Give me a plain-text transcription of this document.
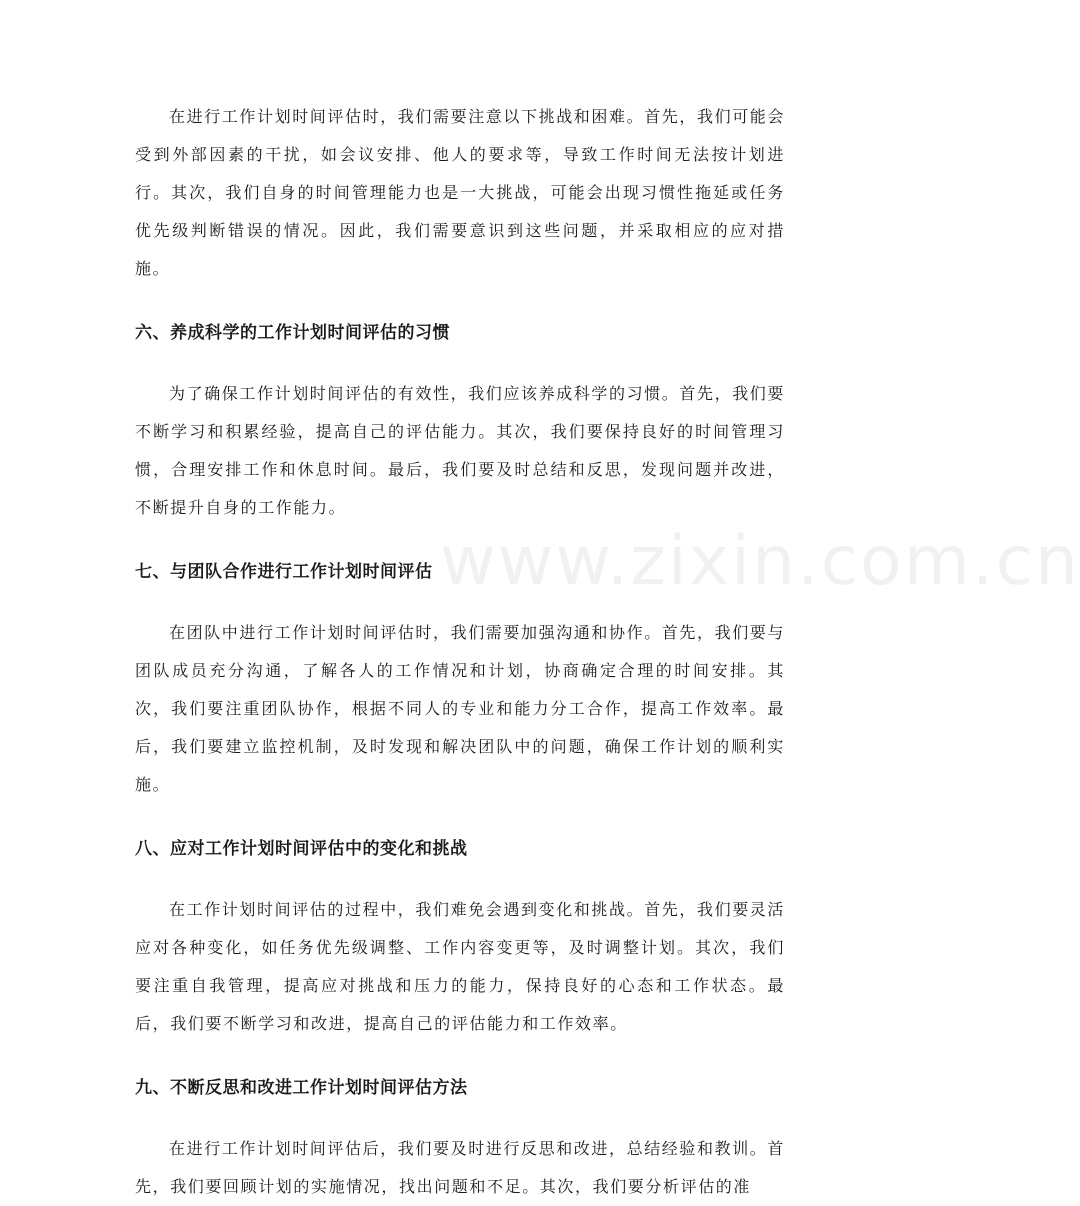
www.zixin.com.cn

在进行工作计划时间评估时，我们需要注意以下挑战和困难。首先，我们可能会受到外部因素的干扰，如会议安排、他人的要求等，导致工作时间无法按计划进行。其次，我们自身的时间管理能力也是一大挑战，可能会出现习惯性拖延或任务优先级判断错误的情况。因此，我们需要意识到这些问题，并采取相应的应对措施。

六、养成科学的工作计划时间评估的习惯

为了确保工作计划时间评估的有效性，我们应该养成科学的习惯。首先，我们要不断学习和积累经验，提高自己的评估能力。其次，我们要保持良好的时间管理习惯，合理安排工作和休息时间。最后，我们要及时总结和反思，发现问题并改进，不断提升自身的工作能力。

七、与团队合作进行工作计划时间评估

在团队中进行工作计划时间评估时，我们需要加强沟通和协作。首先，我们要与团队成员充分沟通，了解各人的工作情况和计划，协商确定合理的时间安排。其次，我们要注重团队协作，根据不同人的专业和能力分工合作，提高工作效率。最后，我们要建立监控机制，及时发现和解决团队中的问题，确保工作计划的顺利实施。

八、应对工作计划时间评估中的变化和挑战

在工作计划时间评估的过程中，我们难免会遇到变化和挑战。首先，我们要灵活应对各种变化，如任务优先级调整、工作内容变更等，及时调整计划。其次，我们要注重自我管理，提高应对挑战和压力的能力，保持良好的心态和工作状态。最后，我们要不断学习和改进，提高自己的评估能力和工作效率。

九、不断反思和改进工作计划时间评估方法

在进行工作计划时间评估后，我们要及时进行反思和改进，总结经验和教训。首先，我们要回顾计划的实施情况，找出问题和不足。其次，我们要分析评估的准
